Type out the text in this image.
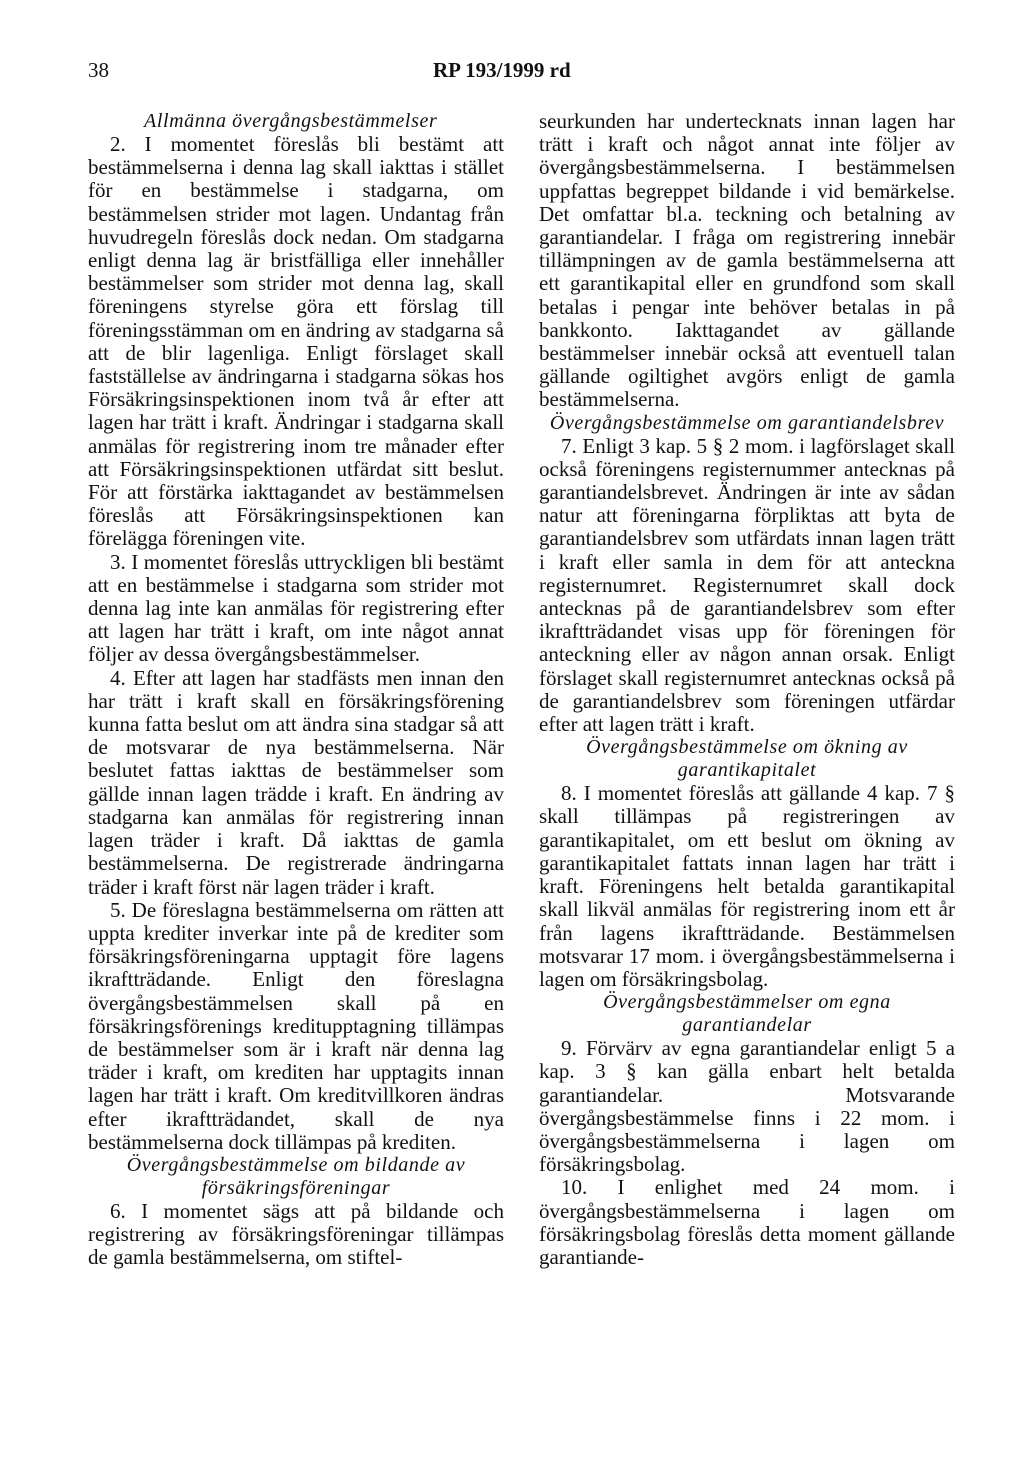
38	RP 193/1999 rd

Allmänna övergångsbestämmelser

2. I momentet föreslås bli bestämt att bestämmelserna i denna lag skall iakttas i stället för en bestämmelse i stadgarna, om bestämmelsen strider mot lagen. Undantag från huvudregeln föreslås dock nedan. Om stadgarna enligt denna lag är bristfälliga eller innehåller bestämmelser som strider mot denna lag, skall föreningens styrelse göra ett förslag till föreningsstämman om en ändring av stadgarna så att de blir lagenliga. Enligt förslaget skall fastställelse av ändringarna i stadgarna sökas hos Försäkringsinspektionen inom två år efter att lagen har trätt i kraft. Ändringar i stadgarna skall anmälas för registrering inom tre månader efter att Försäkringsinspektionen utfärdat sitt beslut. För att förstärka iakttagandet av bestämmelsen föreslås att Försäkringsinspektionen kan förelägga föreningen vite.

3. I momentet föreslås uttryckligen bli bestämt att en bestämmelse i stadgarna som strider mot denna lag inte kan anmälas för registrering efter att lagen har trätt i kraft, om inte något annat följer av dessa övergångsbestämmelser.

4. Efter att lagen har stadfästs men innan den har trätt i kraft skall en försäkringsförening kunna fatta beslut om att ändra sina stadgar så att de motsvarar de nya bestämmelserna. När beslutet fattas iakttas de bestämmelser som gällde innan lagen trädde i kraft. En ändring av stadgarna kan anmälas för registrering innan lagen träder i kraft. Då iakttas de gamla bestämmelserna. De registrerade ändringarna träder i kraft först när lagen träder i kraft.

5. De föreslagna bestämmelserna om rätten att uppta krediter inverkar inte på de krediter som försäkringsföreningarna upptagit före lagens ikraftträdande. Enligt den föreslagna övergångsbestämmelsen skall på en försäkringsförenings kreditupptagning tillämpas de bestämmelser som är i kraft när denna lag träder i kraft, om krediten har upptagits innan lagen har trätt i kraft. Om kreditvillkoren ändras efter ikraftträdandet, skall de nya bestämmelserna dock tillämpas på krediten.

Övergångsbestämmelse om bildande av försäkringsföreningar

6. I momentet sägs att på bildande och registrering av försäkringsföreningar tillämpas de gamla bestämmelserna, om stiftel-

seurkunden har undertecknats innan lagen har trätt i kraft och något annat inte följer av övergångsbestämmelserna. I bestämmelsen uppfattas begreppet bildande i vid bemärkelse. Det omfattar bl.a. teckning och betalning av garantiandelar. I fråga om registrering innebär tillämpningen av de gamla bestämmelserna att ett garantikapital eller en grundfond som skall betalas i pengar inte behöver betalas in på bankkonto. Iakttagandet av gällande bestämmelser innebär också att eventuell talan gällande ogiltighet avgörs enligt de gamla bestämmelserna.

Övergångsbestämmelse om garantiandelsbrev

7. Enligt 3 kap. 5 § 2 mom. i lagförslaget skall också föreningens registernummer antecknas på garantiandelsbrevet. Ändringen är inte av sådan natur att föreningarna förpliktas att byta de garantiandelsbrev som utfärdats innan lagen trätt i kraft eller samla in dem för att anteckna registernumret. Registernumret skall dock antecknas på de garantiandelsbrev som efter ikraftträdandet visas upp för föreningen för anteckning eller av någon annan orsak. Enligt förslaget skall registernumret antecknas också på de garantiandelsbrev som föreningen utfärdar efter att lagen trätt i kraft.

Övergångsbestämmelse om ökning av garantikapitalet

8. I momentet föreslås att gällande 4 kap. 7 § skall tillämpas på registreringen av garantikapitalet, om ett beslut om ökning av garantikapitalet fattats innan lagen har trätt i kraft. Föreningens helt betalda garantikapital skall likväl anmälas för registrering inom ett år från lagens ikraftträdande. Bestämmelsen motsvarar 17 mom. i övergångsbestämmelserna i lagen om försäkringsbolag.

Övergångsbestämmelser om egna garantiandelar

9. Förvärv av egna garantiandelar enligt 5 a kap. 3 § kan gälla enbart helt betalda garantiandelar. Motsvarande övergångsbestämmelse finns i 22 mom. i övergångsbestämmelserna i lagen om försäkringsbolag.

10. I enlighet med 24 mom. i övergångsbestämmelserna i lagen om försäkringsbolag föreslås detta moment gällande garantiande-
